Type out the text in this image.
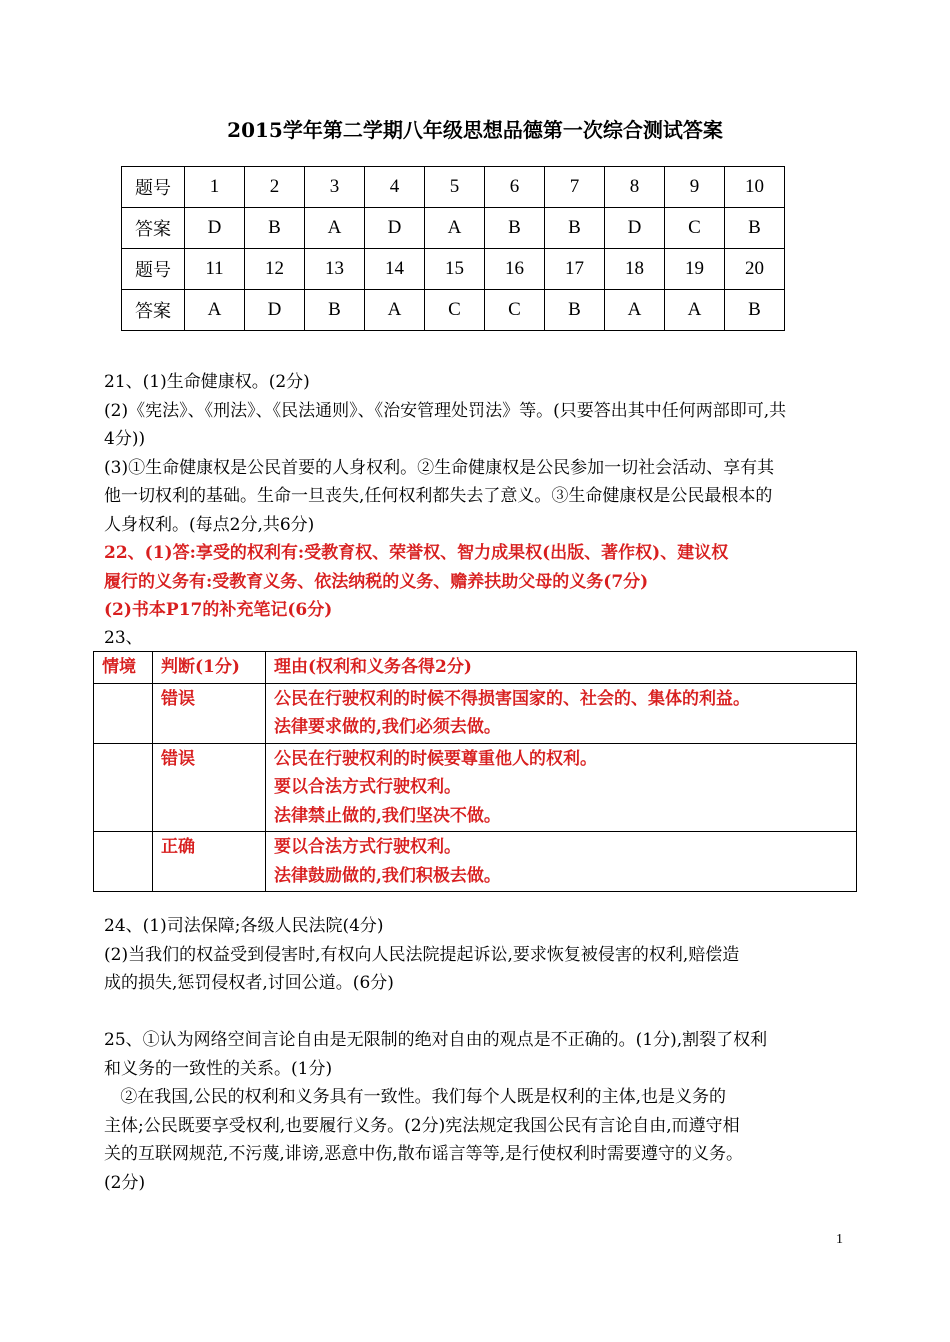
2015学年第二学期八年级思想品德第一次综合测试答案
题号	1	2	3	4	5	6	7	8	9	10
答案	D	B	A	D	A	B	B	D	C	B
题号	11	12	13	14	15	16	17	18	19	20
答案	A	D	B	A	C	C	B	A	A	B
21、(1)生命健康权。(2分)
(2)《宪法》、《刑法》、《民法通则》、《治安管理处罚法》等。(只要答出其中任何两部即可,共
4分))
(3)①生命健康权是公民首要的人身权利。②生命健康权是公民参加一切社会活动、享有其
他一切权利的基础。生命一旦丧失,任何权利都失去了意义。③生命健康权是公民最根本的
人身权利。(每点2分,共6分)
22、(1)答:享受的权利有:受教育权、荣誉权、智力成果权(出版、著作权)、建议权
履行的义务有:受教育义务、依法纳税的义务、赡养扶助父母的义务(7分)
(2)书本P17的补充笔记(6分)
23、
情境	判断(1分)	理由(权利和义务各得2分)
	错误	公民在行驶权利的时候不得损害国家的、社会的、集体的利益。
法律要求做的,我们必须去做。

	错误	公民在行驶权利的时候要尊重他人的权利。
要以合法方式行驶权利。
法律禁止做的,我们坚决不做。

	正确	要以合法方式行驶权利。
法律鼓励做的,我们积极去做。
24、(1)司法保障;各级人民法院(4分)
(2)当我们的权益受到侵害时,有权向人民法院提起诉讼,要求恢复被侵害的权利,赔偿造
成的损失,惩罚侵权者,讨回公道。(6分)
25、①认为网络空间言论自由是无限制的绝对自由的观点是不正确的。(1分),割裂了权利
和义务的一致性的关系。(1分)
②在我国,公民的权利和义务具有一致性。我们每个人既是权利的主体,也是义务的
主体;公民既要享受权利,也要履行义务。(2分)宪法规定我国公民有言论自由,而遵守相
关的互联网规范,不污蔑,诽谤,恶意中伤,散布谣言等等,是行使权利时需要遵守的义务。
(2分)
1
